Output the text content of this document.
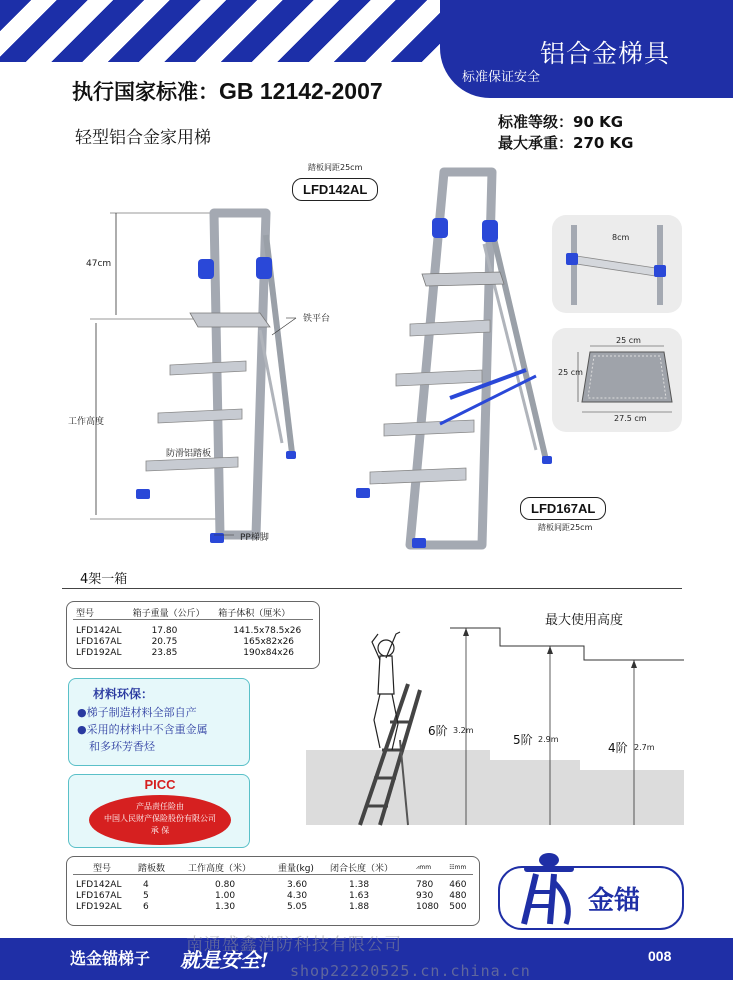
铝合金梯具
标准保证安全
执行国家标准：GB 12142-2007
轻型铝合金家用梯
标准等级：90 KG
最大承重：270 KG
踏板间距25cm
LFD142AL
47cm
铁平台
工作高度
防滑铝踏板
PP梯脚
LFD167AL
踏板间距25cm
8cm
25 cm
25 cm
27.5 cm
4架一箱
型号	箱子重量（公斤）	箱子体积（厘米）

LFD142AL	17.80	141.5x78.5x26
LFD167AL	20.75	165x82x26
LFD192AL	23.85	190x84x26
材料环保：
●梯子制造材料全部自产
●采用的材料中不含重金属
和多环芳香烃
PICC
产品责任险由
中国人民财产保险股份有限公司
承 保
最大使用高度
6阶 3.2m
5阶 2.9m
4阶 2.7m
型号	踏板数	工作高度（米）	重量(kg)	闭合长度（米）	⩘mm	☷mm

LFD142AL	4	0.80	3.60	1.38	780	460
LFD167AL	5	1.00	4.30	1.63	930	480
LFD192AL	6	1.30	5.05	1.88	1080	500	金锚
选金锚梯子 就是安全!	008
南通盛鑫消防科技有限公司
shop22220525.cn.china.cn
